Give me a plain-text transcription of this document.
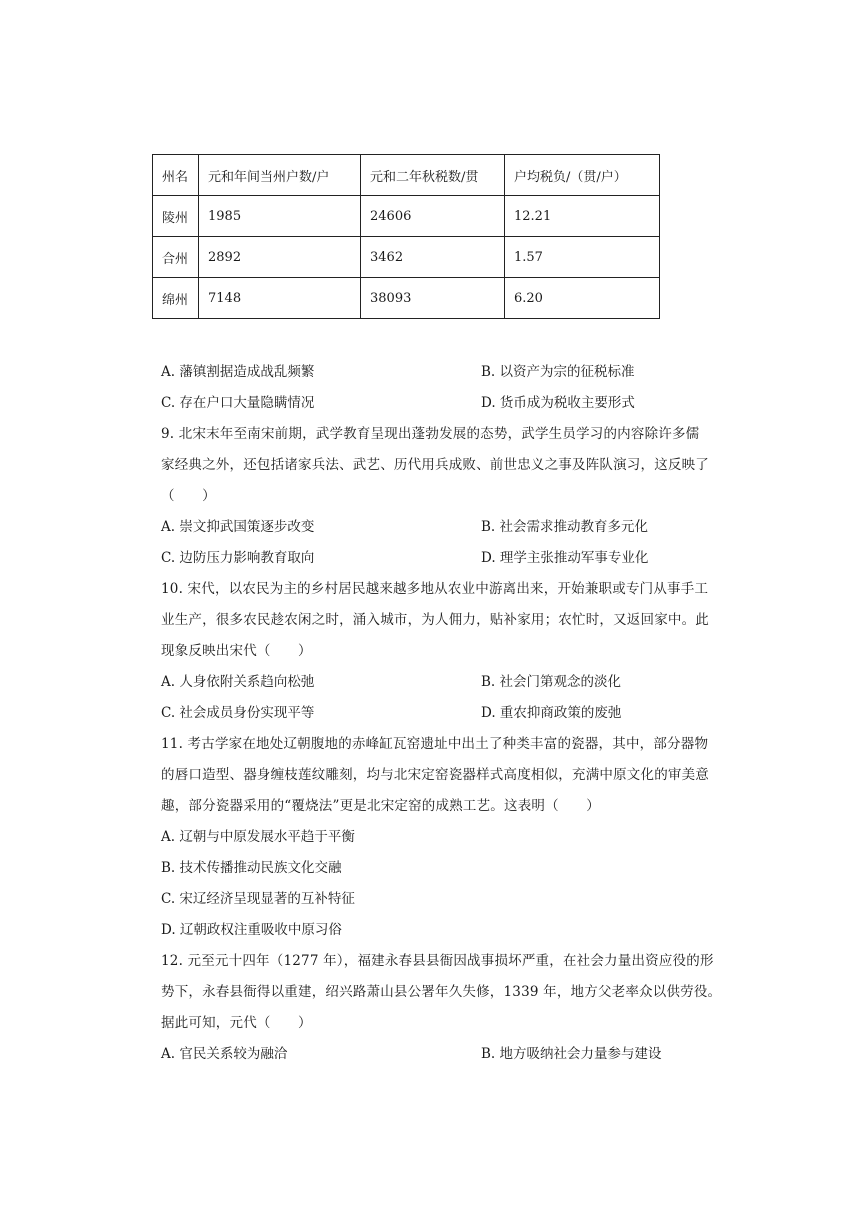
州名	元和年间当州户数/户	元和二年秋税数/贯	户均税负/（贯/户）
陵州	1985	24606	12.21
合州	2892	3462	1.57
绵州	7148	38093	6.20
A. 藩镇割据造成战乱频繁	B. 以资产为宗的征税标准
C. 存在户口大量隐瞒情况	D. 货币成为税收主要形式
9. 北宋末年至南宋前期，武学教育呈现出蓬勃发展的态势，武学生员学习的内容除许多儒
家经典之外，还包括诸家兵法、武艺、历代用兵成败、前世忠义之事及阵队演习，这反映了
（　　）
A. 崇文抑武国策逐步改变	B. 社会需求推动教育多元化
C. 边防压力影响教育取向	D. 理学主张推动军事专业化
10. 宋代，以农民为主的乡村居民越来越多地从农业中游离出来，开始兼职或专门从事手工
业生产，很多农民趁农闲之时，涌入城市，为人佣力，贴补家用；农忙时，又返回家中。此
现象反映出宋代（　　）
A. 人身依附关系趋向松弛	B. 社会门第观念的淡化
C. 社会成员身份实现平等	D. 重农抑商政策的废弛
11. 考古学家在地处辽朝腹地的赤峰缸瓦窑遗址中出土了种类丰富的瓷器，其中，部分器物
的唇口造型、器身缠枝莲纹雕刻，均与北宋定窑瓷器样式高度相似，充满中原文化的审美意
趣，部分瓷器采用的“覆烧法”更是北宋定窑的成熟工艺。这表明（　　）
A. 辽朝与中原发展水平趋于平衡
B. 技术传播推动民族文化交融
C. 宋辽经济呈现显著的互补特征
D. 辽朝政权注重吸收中原习俗
12. 元至元十四年（1277 年），福建永春县县衙因战事损坏严重，在社会力量出资应役的形
势下，永春县衙得以重建，绍兴路萧山县公署年久失修，1339 年，地方父老率众以供劳役。
据此可知，元代（　　）
A. 官民关系较为融洽	B. 地方吸纳社会力量参与建设
